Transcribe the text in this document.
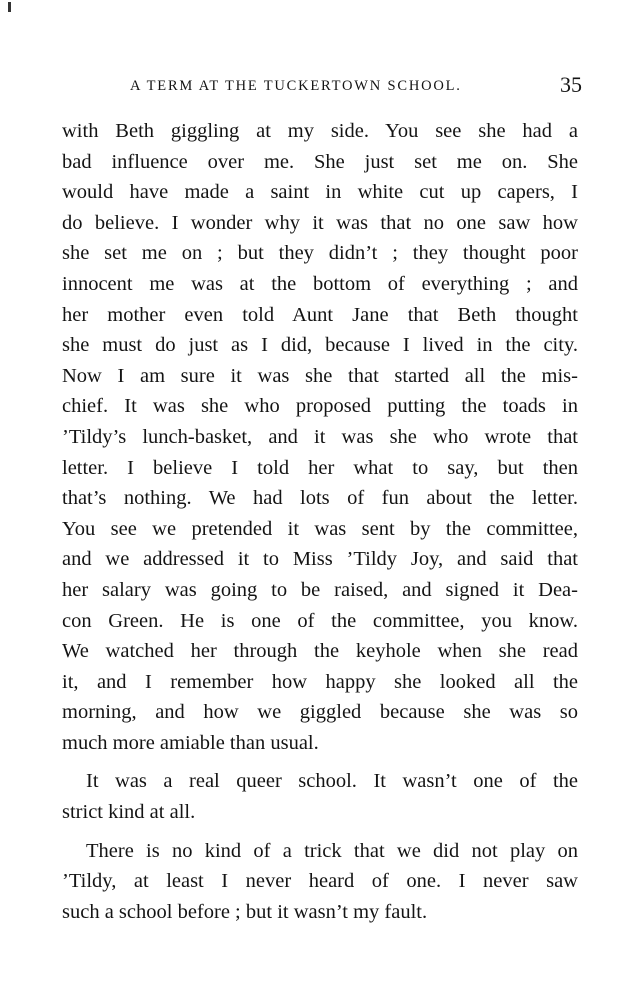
A TERM AT THE TUCKERTOWN SCHOOL.	35
with Beth giggling at my side. You see she had a
bad influence over me. She just set me on. She
would have made a saint in white cut up capers, I
do believe. I wonder why it was that no one saw how
she set me on ; but they didn’t ; they thought poor
innocent me was at the bottom of everything ; and
her mother even told Aunt Jane that Beth thought
she must do just as I did, because I lived in the city.
Now I am sure it was she that started all the mis-
chief. It was she who proposed putting the toads in
’Tildy’s lunch-basket, and it was she who wrote that
letter. I believe I told her what to say, but then
that’s nothing. We had lots of fun about the letter.
You see we pretended it was sent by the committee,
and we addressed it to Miss ’Tildy Joy, and said that
her salary was going to be raised, and signed it Dea-
con Green. He is one of the committee, you know.
We watched her through the keyhole when she read
it, and I remember how happy she looked all the
morning, and how we giggled because she was so
much more amiable than usual.
It was a real queer school. It wasn’t one of the
strict kind at all.
There is no kind of a trick that we did not play on
’Tildy, at least I never heard of one. I never saw
such a school before ; but it wasn’t my fault.
